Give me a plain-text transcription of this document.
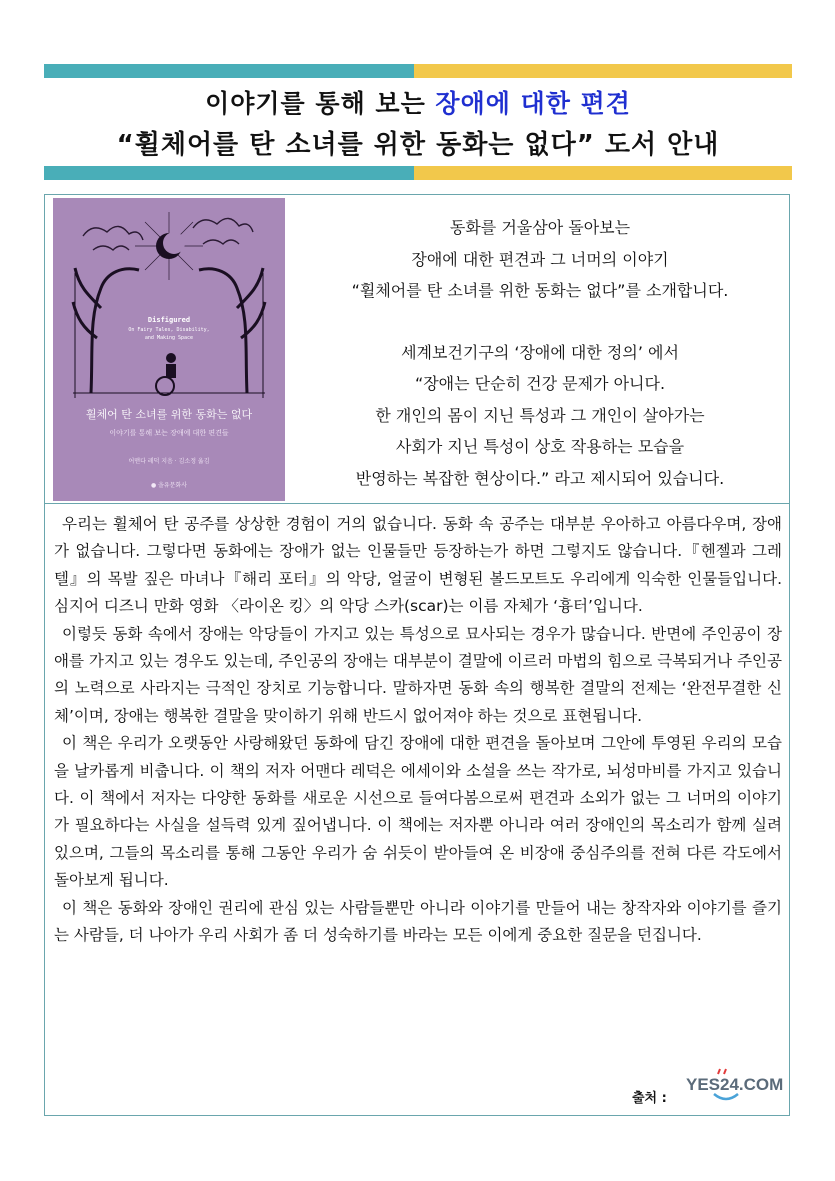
이야기를 통해 보는 장애에 대한 편견
“휠체어를 탄 소녀를 위한 동화는 없다” 도서 안내
Disfigured
On Fairy Tales, Disability,
and Making Space
휠체어 탄 소녀를 위한 동화는 없다
이야기를 통해 보는 장애에 대한 편견들
어맨다 레덕 지음 · 김소정 옮김
● 을유문화사

동화를 거울삼아 돌아보는

장애에 대한 편견과 그 너머의 이야기

“휠체어를 탄 소녀를 위한 동화는 없다”를 소개합니다.

세계보건기구의 ‘장애에 대한 정의’ 에서

“장애는 단순히 건강 문제가 아니다.

한 개인의 몸이 지닌 특성과 그 개인이 살아가는

사회가 지닌 특성이 상호 작용하는 모습을

반영하는 복잡한 현상이다.” 라고 제시되어 있습니다.

우리는 휠체어 탄 공주를 상상한 경험이 거의 없습니다. 동화 속 공주는 대부분 우아하고 아름다우며, 장애가 없습니다. 그렇다면 동화에는 장애가 없는 인물들만 등장하는가 하면 그렇지도 않습니다.『헨젤과 그레텔』의 목발 짚은 마녀나『해리 포터』의 악당, 얼굴이 변형된 볼드모트도 우리에게 익숙한 인물들입니다. 심지어 디즈니 만화 영화 〈라이온 킹〉의 악당 스카(scar)는 이름 자체가 ‘흉터’입니다.

이렇듯 동화 속에서 장애는 악당들이 가지고 있는 특성으로 묘사되는 경우가 많습니다. 반면에 주인공이 장애를 가지고 있는 경우도 있는데, 주인공의 장애는 대부분이 결말에 이르러 마법의 힘으로 극복되거나 주인공의 노력으로 사라지는 극적인 장치로 기능합니다. 말하자면 동화 속의 행복한 결말의 전제는 ‘완전무결한 신체’이며, 장애는 행복한 결말을 맞이하기 위해 반드시 없어져야 하는 것으로 표현됩니다.

이 책은 우리가 오랫동안 사랑해왔던 동화에 담긴 장애에 대한 편견을 돌아보며 그안에 투영된 우리의 모습을 날카롭게 비춥니다. 이 책의 저자 어맨다 레덕은 에세이와 소설을 쓰는 작가로, 뇌성마비를 가지고 있습니다. 이 책에서 저자는 다양한 동화를 새로운 시선으로 들여다봄으로써 편견과 소외가 없는 그 너머의 이야기가 필요하다는 사실을 설득력 있게 짚어냅니다. 이 책에는 저자뿐 아니라 여러 장애인의 목소리가 함께 실려 있으며, 그들의 목소리를 통해 그동안 우리가 숨 쉬듯이 받아들여 온 비장애 중심주의를 전혀 다른 각도에서 돌아보게 됩니다.

이 책은 동화와 장애인 권리에 관심 있는 사람들뿐만 아니라 이야기를 만들어 내는 창작자와 이야기를 즐기는 사람들, 더 나아가 우리 사회가 좀 더 성숙하기를 바라는 모든 이에게 중요한 질문을 던집니다.

출처 :
YES24.COM
